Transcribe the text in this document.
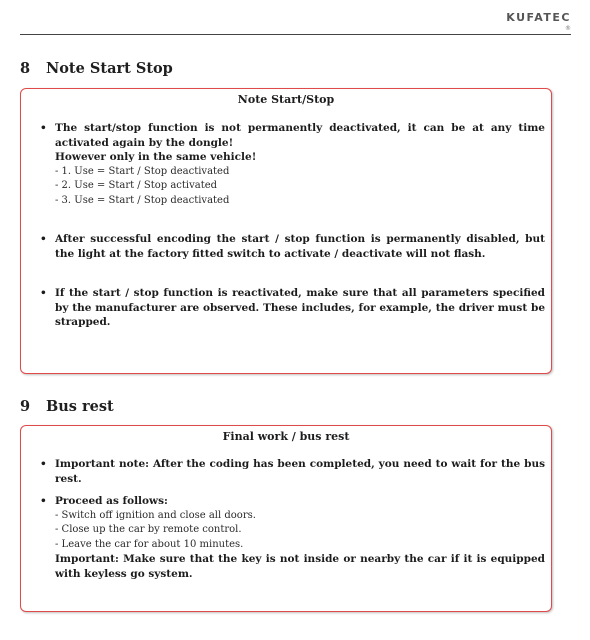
KUFATEC
®
8 Note Start Stop
Note Start/Stop
• The start/stop function is not permanently deactivated, it can be at any time activated again by the dongle!
However only in the same vehicle!
- 1. Use = Start / Stop deactivated
- 2. Use = Start / Stop activated
- 3. Use = Start / Stop deactivated
• After successful encoding the start / stop function is permanently disabled, but the light at the factory fitted switch to activate / deactivate will not flash.
• If the start / stop function is reactivated, make sure that all parameters specified by the manufacturer are observed. These includes, for example, the driver must be strapped.
9 Bus rest
Final work / bus rest
• Important note: After the coding has been completed, you need to wait for the bus rest.
• Proceed as follows:
- Switch off ignition and close all doors.
- Close up the car by remote control.
- Leave the car for about 10 minutes.
Important: Make sure that the key is not inside or nearby the car if it is equipped with keyless go system.
